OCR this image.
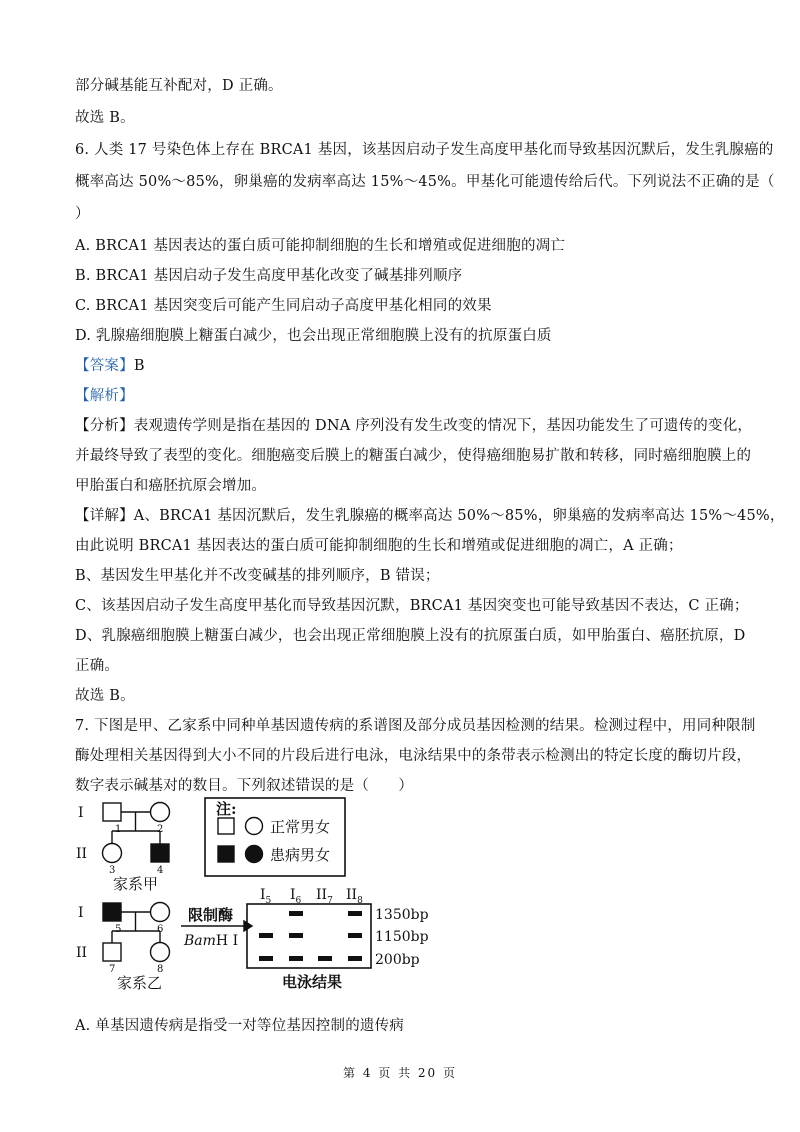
部分碱基能互补配对，D 正确。
故选 B。
6. 人类 17 号染色体上存在 BRCA1 基因，该基因启动子发生高度甲基化而导致基因沉默后，发生乳腺癌的
概率高达 50%～85%，卵巢癌的发病率高达 15%～45%。甲基化可能遗传给后代。下列说法不正确的是（
）
A. BRCA1 基因表达的蛋白质可能抑制细胞的生长和增殖或促进细胞的凋亡
B. BRCA1 基因启动子发生高度甲基化改变了碱基排列顺序
C. BRCA1 基因突变后可能产生同启动子高度甲基化相同的效果
D. 乳腺癌细胞膜上糖蛋白减少，也会出现正常细胞膜上没有的抗原蛋白质
【答案】B
【解析】
【分析】表观遗传学则是指在基因的 DNA 序列没有发生改变的情况下，基因功能发生了可遗传的变化，
并最终导致了表型的变化。细胞癌变后膜上的糖蛋白减少，使得癌细胞易扩散和转移，同时癌细胞膜上的
甲胎蛋白和癌胚抗原会增加。
【详解】A、BRCA1 基因沉默后，发生乳腺癌的概率高达 50%～85%，卵巢癌的发病率高达 15%～45%，
由此说明 BRCA1 基因表达的蛋白质可能抑制细胞的生长和增殖或促进细胞的凋亡，A 正确；
B、基因发生甲基化并不改变碱基的排列顺序，B 错误；
C、该基因启动子发生高度甲基化而导致基因沉默，BRCA1 基因突变也可能导致基因不表达，C 正确；
D、乳腺癌细胞膜上糖蛋白减少，也会出现正常细胞膜上没有的抗原蛋白质，如甲胎蛋白、癌胚抗原，D
正确。
故选 B。
7. 下图是甲、乙家系中同种单基因遗传病的系谱图及部分成员基因检测的结果。检测过程中，用同种限制
酶处理相关基因得到大小不同的片段后进行电泳，电泳结果中的条带表示检测出的特定长度的酶切片段，
数字表示碱基对的数目。下列叙述错误的是（　　）
A. 单基因遗传病是指受一对等位基因控制的遗传病
I
II
I
II
1	2
3	4
5	6
7	8
家系甲
家系乙
注:
正常男女
患病男女
限制酶
BamH I
$I_5$ $I_6$ $II_7$ $II_8$
1350bp
1150bp
200bp
电泳结果
第 4 页 共 20 页
